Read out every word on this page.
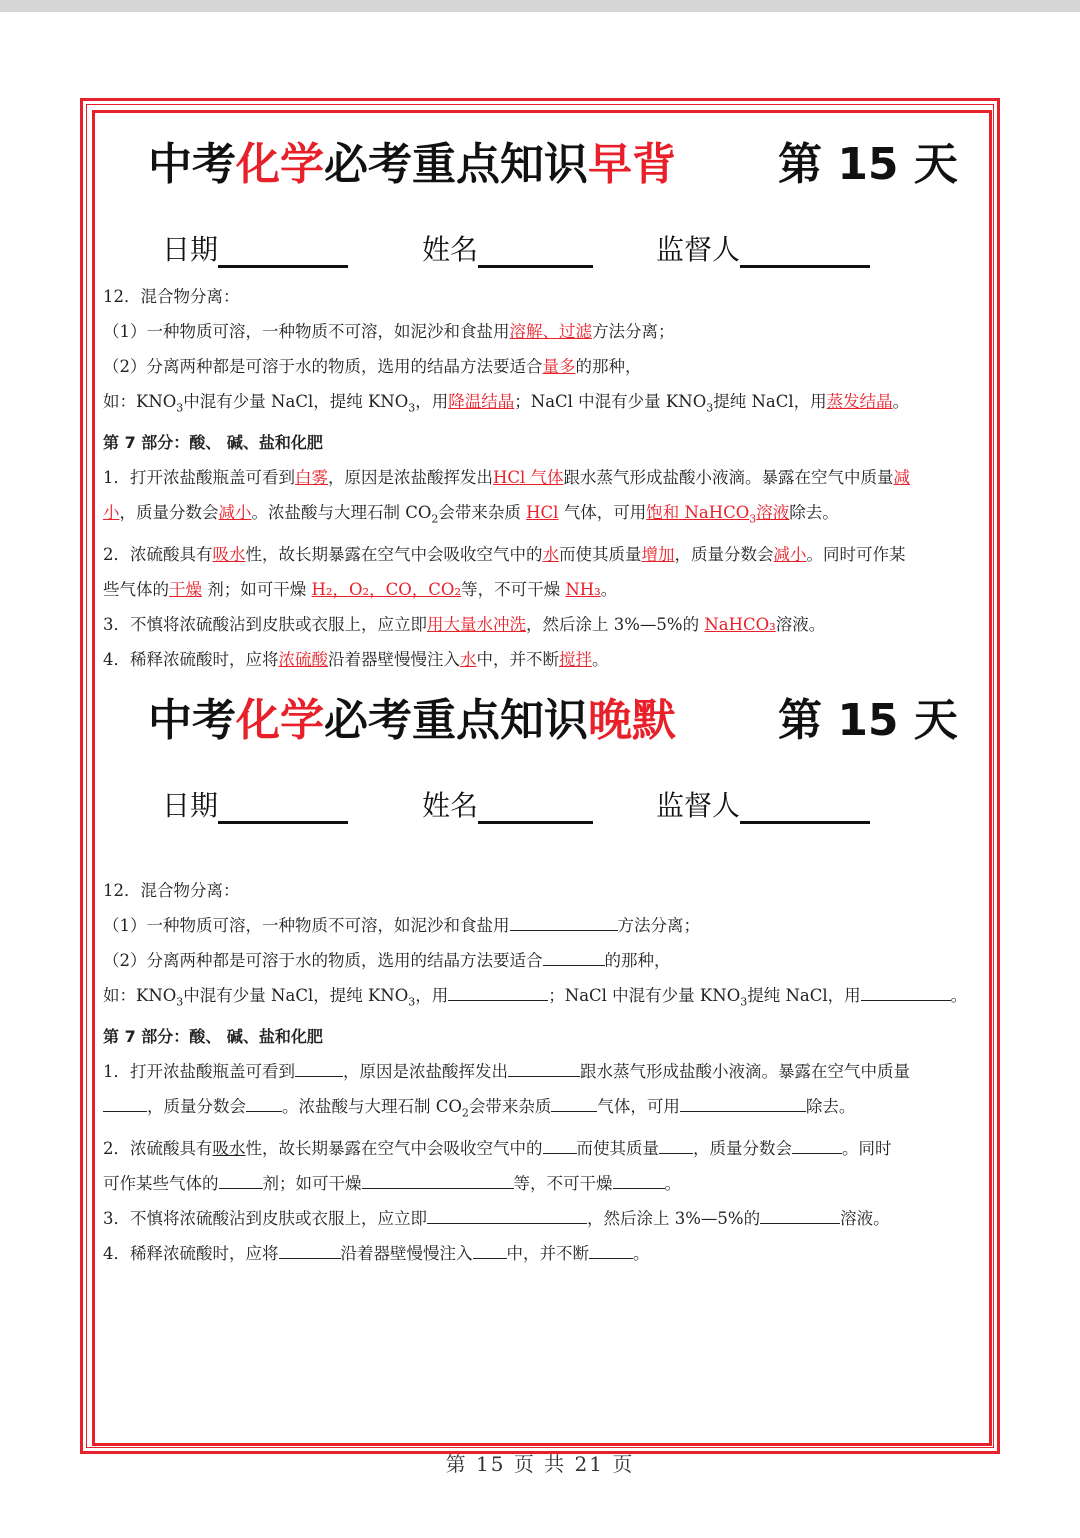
中考化学必考重点知识早背 第 15 天
日期	姓名	监督人

12．混合物分离：

（1）一种物质可溶，一种物质不可溶，如泥沙和食盐用溶解、过滤方法分离；

（2）分离两种都是可溶于水的物质，选用的结晶方法要适合量多的那种，

如：$KNO_3$中混有少量 NaCl，提纯 $KNO_3$，用降温结晶；NaCl 中混有少量 $KNO_3$提纯 NaCl，用蒸发结晶。

第 7 部分：酸、 碱、盐和化肥

1．打开浓盐酸瓶盖可看到白雾，原因是浓盐酸挥发出HCl 气体跟水蒸气形成盐酸小液滴。暴露在空气中质量减

小，质量分数会减小。浓盐酸与大理石制 $CO_2$会带来杂质 HCl 气体，可用饱和 NaHCO$_3$溶液除去。

2．浓硫酸具有吸水性，故长期暴露在空气中会吸收空气中的水而使其质量增加，质量分数会减小。同时可作某

些气体的干燥 剂；如可干燥 H₂，O₂，CO，CO₂等，不可干燥 NH₃。

3．不慎将浓硫酸沾到皮肤或衣服上，应立即用大量水冲洗，然后涂上 3%—5%的 NaHCO₃溶液。

4．稀释浓硫酸时，应将浓硫酸沿着器壁慢慢注入水中，并不断搅拌。

中考化学必考重点知识晚默 第 15 天
日期	姓名	监督人

12．混合物分离：

（1）一种物质可溶，一种物质不可溶，如泥沙和食盐用	方法分离；

（2）分离两种都是可溶于水的物质，选用的结晶方法要适合	的那种，

如：$KNO_3$中混有少量 NaCl，提纯 $KNO_3$，用	；NaCl 中混有少量 $KNO_3$提纯 NaCl，用	。

第 7 部分：酸、 碱、盐和化肥

1．打开浓盐酸瓶盖可看到	，原因是浓盐酸挥发出	跟水蒸气形成盐酸小液滴。暴露在空气中质量

，质量分数会 。浓盐酸与大理石制 $CO_2$会带来杂质	气体，可用	除去。

2．浓硫酸具有吸水性，故长期暴露在空气中会吸收空气中的 而使其质量 ，质量分数会	。同时

可作某些气体的	剂；如可干燥	等，不可干燥	。

3．不慎将浓硫酸沾到皮肤或衣服上，应立即	，然后涂上 3%—5%的	溶液。

4．稀释浓硫酸时，应将	沿着器壁慢慢注入 中，并不断	。

第 15 页 共 21 页
